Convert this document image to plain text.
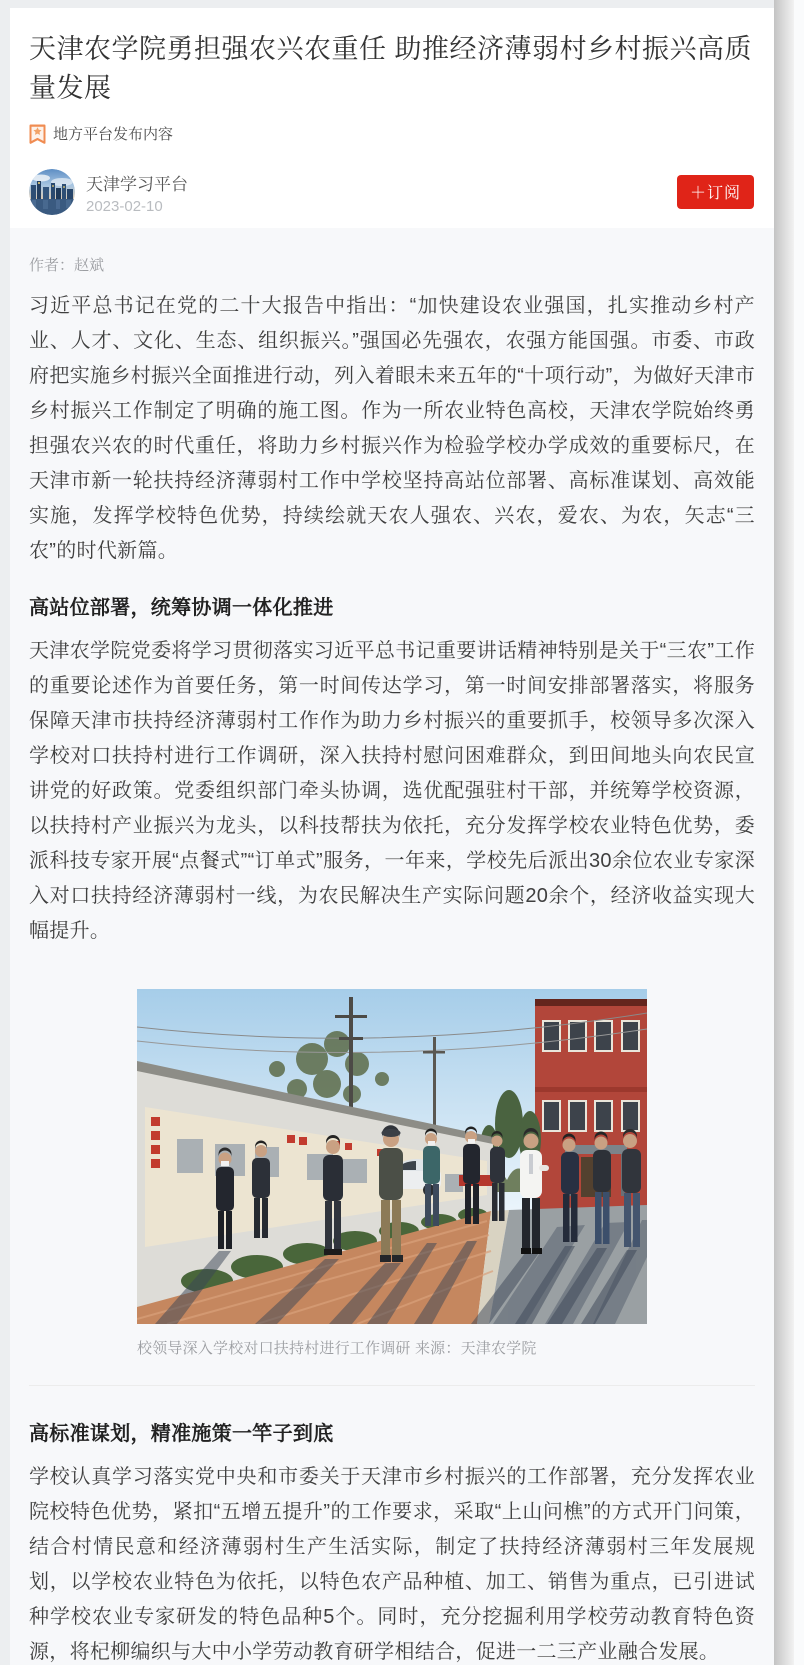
天津农学院勇担强农兴农重任 助推经济薄弱村乡村振兴高质量发展
地方平台发布内容
天津学习平台
2023-02-10
＋订阅
作者：赵斌

习近平总书记在党的二十大报告中指出：“加快建设农业强国，扎实推动乡村产业、人才、文化、生态、组织振兴。”强国必先强农，农强方能国强。市委、市政府把实施乡村振兴全面推进行动，列入着眼未来五年的“十项行动”，为做好天津市乡村振兴工作制定了明确的施工图。作为一所农业特色高校，天津农学院始终勇担强农兴农的时代重任，将助力乡村振兴作为检验学校办学成效的重要标尺，在天津市新一轮扶持经济薄弱村工作中学校坚持高站位部署、高标准谋划、高效能实施，发挥学校特色优势，持续绘就天农人强农、兴农，爱农、为农，矢志“三农”的时代新篇。

高站位部署，统筹协调一体化推进

天津农学院党委将学习贯彻落实习近平总书记重要讲话精神特别是关于“三农”工作的重要论述作为首要任务，第一时间传达学习，第一时间安排部署落实，将服务保障天津市扶持经济薄弱村工作作为助力乡村振兴的重要抓手，校领导多次深入学校对口扶持村进行工作调研，深入扶持村慰问困难群众，到田间地头向农民宣讲党的好政策。党委组织部门牵头协调，选优配强驻村干部，并统筹学校资源，以扶持村产业振兴为龙头，以科技帮扶为依托，充分发挥学校农业特色优势，委派科技专家开展“点餐式”“订单式”服务，一年来，学校先后派出30余位农业专家深入对口扶持经济薄弱村一线，为农民解决生产实际问题20余个，经济收益实现大幅提升。

校领导深入学校对口扶持村进行工作调研 来源：天津农学院
高标准谋划，精准施策一竿子到底

学校认真学习落实党中央和市委关于天津市乡村振兴的工作部署，充分发挥农业院校特色优势，紧扣“五增五提升”的工作要求，采取“上山问樵”的方式开门问策，结合村情民意和经济薄弱村生产生活实际，制定了扶持经济薄弱村三年发展规划，以学校农业特色为依托，以特色农产品种植、加工、销售为重点，已引进试种学校农业专家研发的特色品种5个。同时，充分挖掘利用学校劳动教育特色资源，将杞柳编织与大中小学劳动教育研学相结合，促进一二三产业融合发展。
